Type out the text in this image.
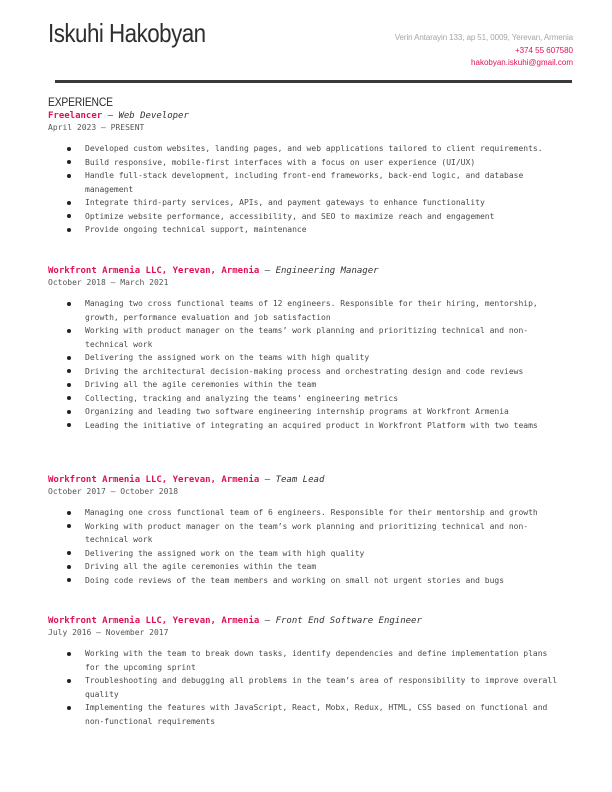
Iskuhi Hakobyan	Verin Antarayin 133, ap 51, 0009, Yerevan, Armenia
+374 55 607580
hakobyan.iskuhi@gmail.com
EXPERIENCE
Freelancer — Web Developer
April 2023 – PRESENT
Developed custom websites, landing pages, and web applications tailored to client requirements.
Build responsive, mobile-first interfaces with a focus on user experience (UI/UX)
Handle full-stack development, including front-end frameworks, back-end logic, and database management
Integrate third-party services, APIs, and payment gateways to enhance functionality
Optimize website performance, accessibility, and SEO to maximize reach and engagement
Provide ongoing technical support, maintenance
Workfront Armenia LLC, Yerevan, Armenia — Engineering Manager
October 2018 – March 2021
Managing two cross functional teams of 12 engineers. Responsible for their hiring, mentorship, growth, performance evaluation and job satisfaction
Working with product manager on the teams’ work planning and prioritizing technical and non-technical work
Delivering the assigned work on the teams with high quality
Driving the architectural decision-making process and orchestrating design and code reviews
Driving all the agile ceremonies within the team
Collecting, tracking and analyzing the teams’ engineering metrics
Organizing and leading two software engineering internship programs at Workfront Armenia
Leading the initiative of integrating an acquired product in Workfront Platform with two teams
Workfront Armenia LLC, Yerevan, Armenia — Team Lead
October 2017 – October 2018
Managing one cross functional team of 6 engineers. Responsible for their mentorship and growth
Working with product manager on the team’s work planning and prioritizing technical and non-technical work
Delivering the assigned work on the team with high quality
Driving all the agile ceremonies within the team
Doing code reviews of the team members and working on small not urgent stories and bugs
Workfront Armenia LLC, Yerevan, Armenia — Front End Software Engineer
July 2016 – November 2017
Working with the team to break down tasks, identify dependencies and define implementation plans for the upcoming sprint
Troubleshooting and debugging all problems in the team’s area of responsibility to improve overall quality
Implementing the features with JavaScript, React, Mobx, Redux, HTML, CSS based on functional and non-functional requirements
